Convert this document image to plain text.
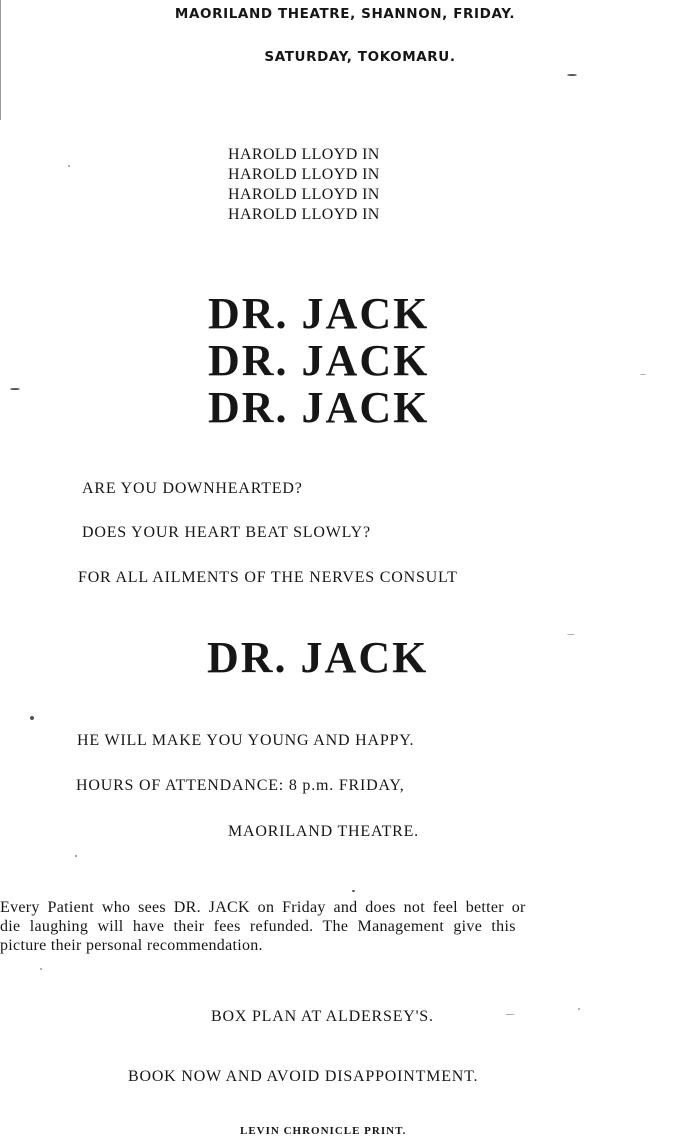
MAORILAND THEATRE, SHANNON, FRIDAY.
SATURDAY, TOKOMARU.
HAROLD LLOYD IN
HAROLD LLOYD IN
HAROLD LLOYD IN
HAROLD LLOYD IN
DR. JACK
DR. JACK
DR. JACK
ARE YOU DOWNHEARTED?
DOES YOUR HEART BEAT SLOWLY?
FOR ALL AILMENTS OF THE NERVES CONSULT
DR. JACK
HE WILL MAKE YOU YOUNG AND HAPPY.
HOURS OF ATTENDANCE: 8 p.m. FRIDAY,
MAORILAND THEATRE.
Every Patient who sees DR. JACK on Friday and does not feel better or
die laughing will have their fees refunded. The Management give this
picture their personal recommendation.
BOX PLAN AT ALDERSEY'S.
BOOK NOW AND AVOID DISAPPOINTMENT.
LEVIN CHRONICLE PRINT.
